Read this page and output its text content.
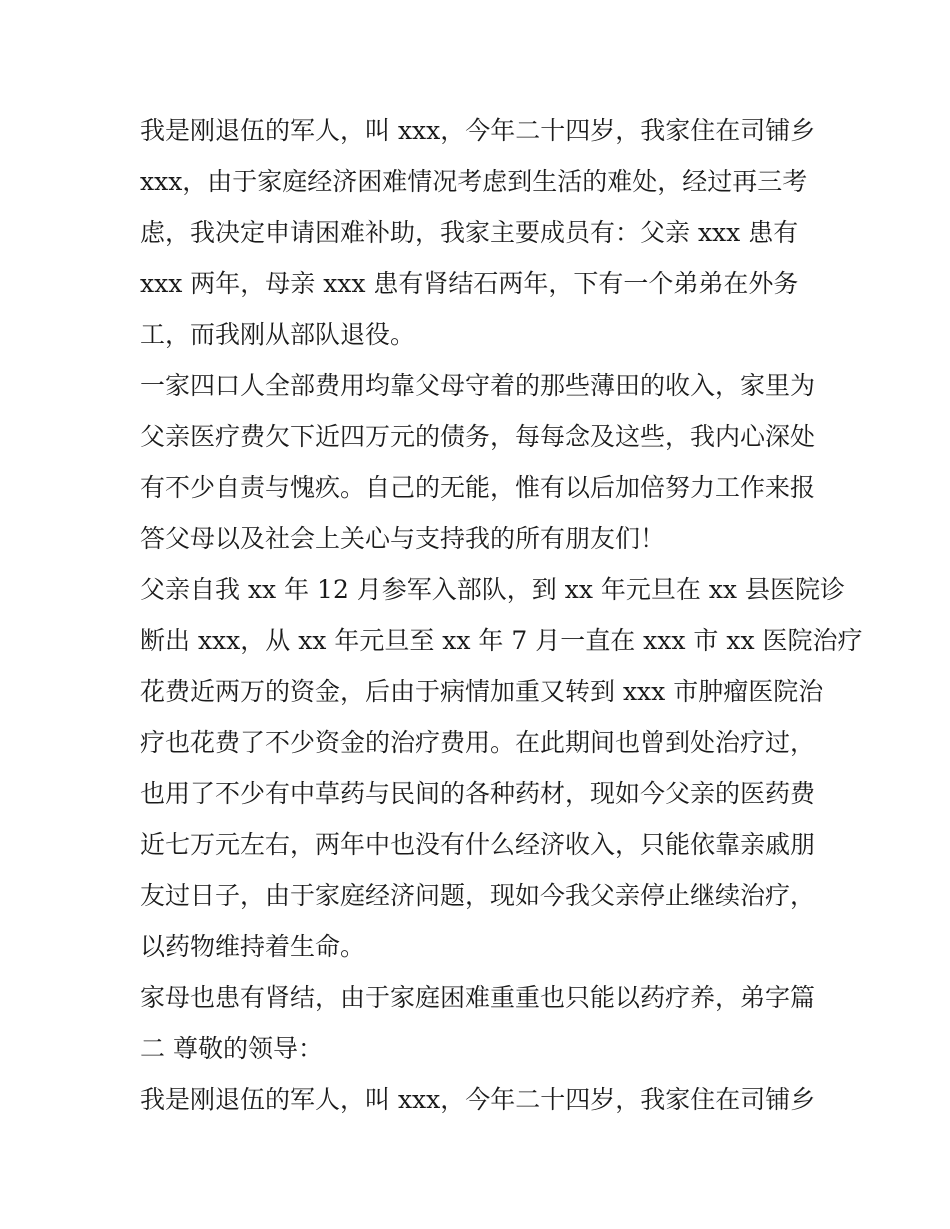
我是刚退伍的军人，叫 xxx，今年二十四岁，我家住在司铺乡
xxx，由于家庭经济困难情况考虑到生活的难处，经过再三考
虑，我决定申请困难补助，我家主要成员有：父亲 xxx 患有
xxx 两年，母亲 xxx 患有肾结石两年，下有一个弟弟在外务
工，而我刚从部队退役。
一家四口人全部费用均靠父母守着的那些薄田的收入，家里为
父亲医疗费欠下近四万元的债务，每每念及这些，我内心深处
有不少自责与愧疚。自己的无能，惟有以后加倍努力工作来报
答父母以及社会上关心与支持我的所有朋友们！
父亲自我 xx 年 12 月参军入部队，到 xx 年元旦在 xx 县医院诊
断出 xxx，从 xx 年元旦至 xx 年 7 月一直在 xxx 市 xx 医院治疗
花费近两万的资金，后由于病情加重又转到 xxx 市肿瘤医院治
疗也花费了不少资金的治疗费用。在此期间也曾到处治疗过，
也用了不少有中草药与民间的各种药材，现如今父亲的医药费
近七万元左右，两年中也没有什么经济收入，只能依靠亲戚朋
友过日子，由于家庭经济问题，现如今我父亲停止继续治疗，
以药物维持着生命。
家母也患有肾结，由于家庭困难重重也只能以药疗养，弟字篇
二 尊敬的领导：
我是刚退伍的军人，叫 xxx，今年二十四岁，我家住在司铺乡
